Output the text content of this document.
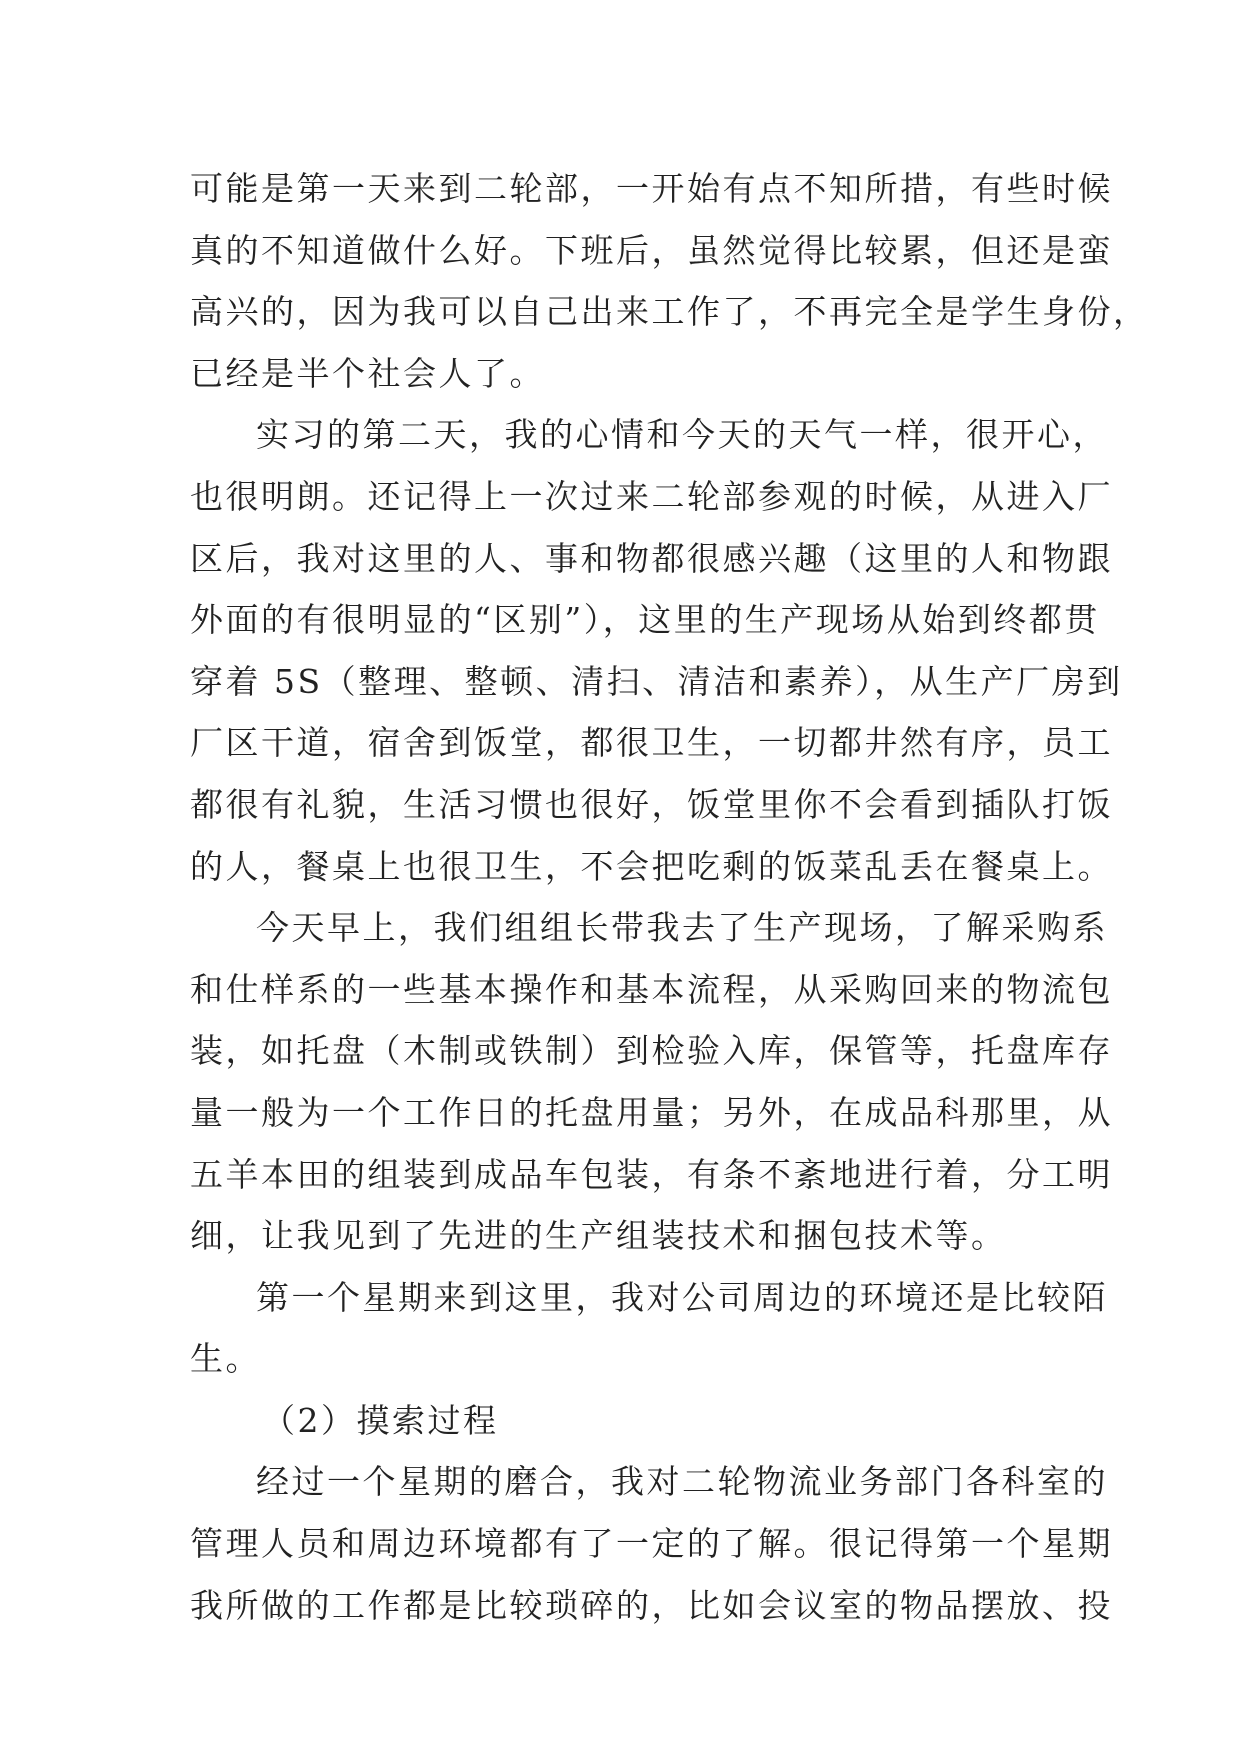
可能是第一天来到二轮部，一开始有点不知所措，有些时候
真的不知道做什么好。下班后，虽然觉得比较累，但还是蛮
高兴的，因为我可以自己出来工作了，不再完全是学生身份，
已经是半个社会人了。
实习的第二天，我的心情和今天的天气一样，很开心，
也很明朗。还记得上一次过来二轮部参观的时候，从进入厂
区后，我对这里的人、事和物都很感兴趣（这里的人和物跟
外面的有很明显的“区别”），这里的生产现场从始到终都贯
穿着 5S（整理、整顿、清扫、清洁和素养），从生产厂房到
厂区干道，宿舍到饭堂，都很卫生，一切都井然有序，员工
都很有礼貌，生活习惯也很好，饭堂里你不会看到插队打饭
的人，餐桌上也很卫生，不会把吃剩的饭菜乱丢在餐桌上。
今天早上，我们组组长带我去了生产现场，了解采购系
和仕样系的一些基本操作和基本流程，从采购回来的物流包
装，如托盘（木制或铁制）到检验入库，保管等，托盘库存
量一般为一个工作日的托盘用量；另外，在成品科那里，从
五羊本田的组装到成品车包装，有条不紊地进行着，分工明
细，让我见到了先进的生产组装技术和捆包技术等。
第一个星期来到这里，我对公司周边的环境还是比较陌
生。
（2）摸索过程
经过一个星期的磨合，我对二轮物流业务部门各科室的
管理人员和周边环境都有了一定的了解。很记得第一个星期
我所做的工作都是比较琐碎的，比如会议室的物品摆放、投
